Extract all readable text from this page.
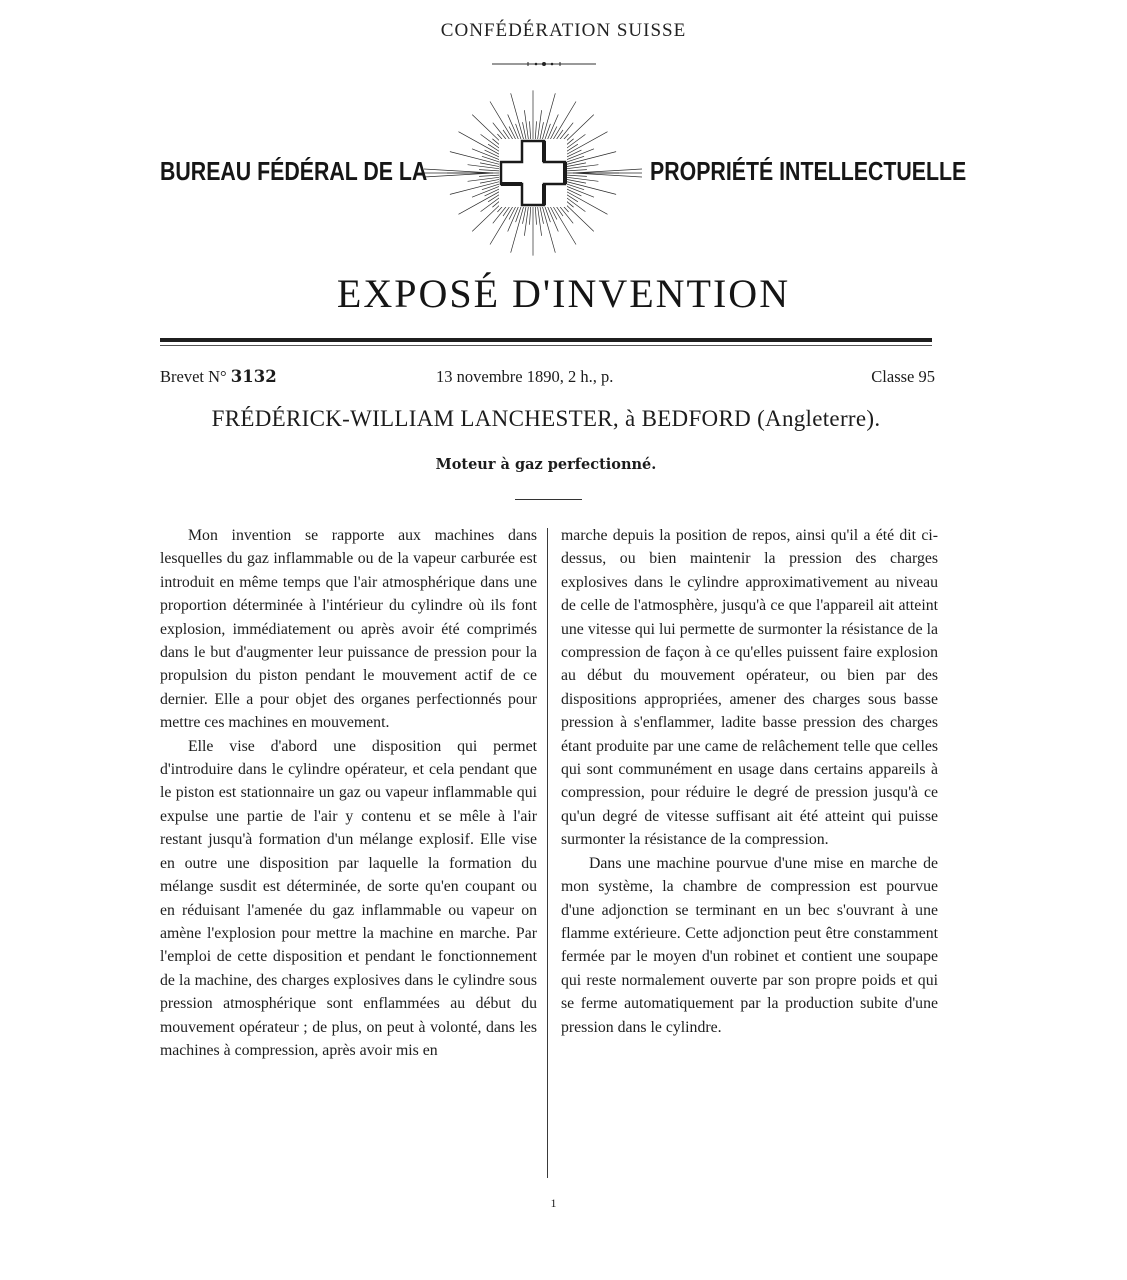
CONFÉDÉRATION SUISSE
BUREAU FÉDÉRAL DE LA	PROPRIÉTÉ INTELLECTUELLE
EXPOSÉ D'INVENTION
Brevet N° 3132	13 novembre 1890, 2 h., p.	Classe 95
FRÉDÉRICK-WILLIAM LANCHESTER, à BEDFORD (Angleterre).
Moteur à gaz perfectionné.

Mon invention se rapporte aux machines dans lesquelles du gaz inflammable ou de la vapeur carburée est introduit en même temps que l'air atmosphérique dans une proportion déterminée à l'intérieur du cylindre où ils font explosion, immédiatement ou après avoir été comprimés dans le but d'augmenter leur puissance de pression pour la propulsion du piston pendant le mouvement actif de ce dernier. Elle a pour objet des organes perfectionnés pour mettre ces machines en mouvement.

Elle vise d'abord une disposition qui permet d'introduire dans le cylindre opérateur, et cela pendant que le piston est stationnaire un gaz ou vapeur inflammable qui expulse une partie de l'air y contenu et se mêle à l'air restant jusqu'à formation d'un mélange explosif. Elle vise en outre une disposition par laquelle la formation du mélange susdit est déterminée, de sorte qu'en coupant ou en réduisant l'amenée du gaz inflammable ou vapeur on amène l'explosion pour mettre la machine en marche. Par l'emploi de cette disposition et pendant le fonctionnement de la machine, des charges explosives dans le cylindre sous pression atmosphérique sont enflammées au début du mouvement opérateur ; de plus, on peut à volonté, dans les machines à compression, après avoir mis en

marche depuis la position de repos, ainsi qu'il a été dit ci-dessus, ou bien maintenir la pression des charges explosives dans le cylindre approximativement au niveau de celle de l'atmosphère, jusqu'à ce que l'appareil ait atteint une vitesse qui lui permette de surmonter la résistance de la compression de façon à ce qu'elles puissent faire explosion au début du mouvement opérateur, ou bien par des dispositions appropriées, amener des charges sous basse pression à s'enflammer, ladite basse pression des charges étant produite par une came de relâchement telle que celles qui sont communément en usage dans certains appareils à compression, pour réduire le degré de pression jusqu'à ce qu'un degré de vitesse suffisant ait été atteint qui puisse surmonter la résistance de la compression.

Dans une machine pourvue d'une mise en marche de mon système, la chambre de compression est pourvue d'une adjonction se terminant en un bec s'ouvrant à une flamme extérieure. Cette adjonction peut être constamment fermée par le moyen d'un robinet et contient une soupape qui reste normalement ouverte par son propre poids et qui se ferme automatiquement par la production subite d'une pression dans le cylindre.

1
